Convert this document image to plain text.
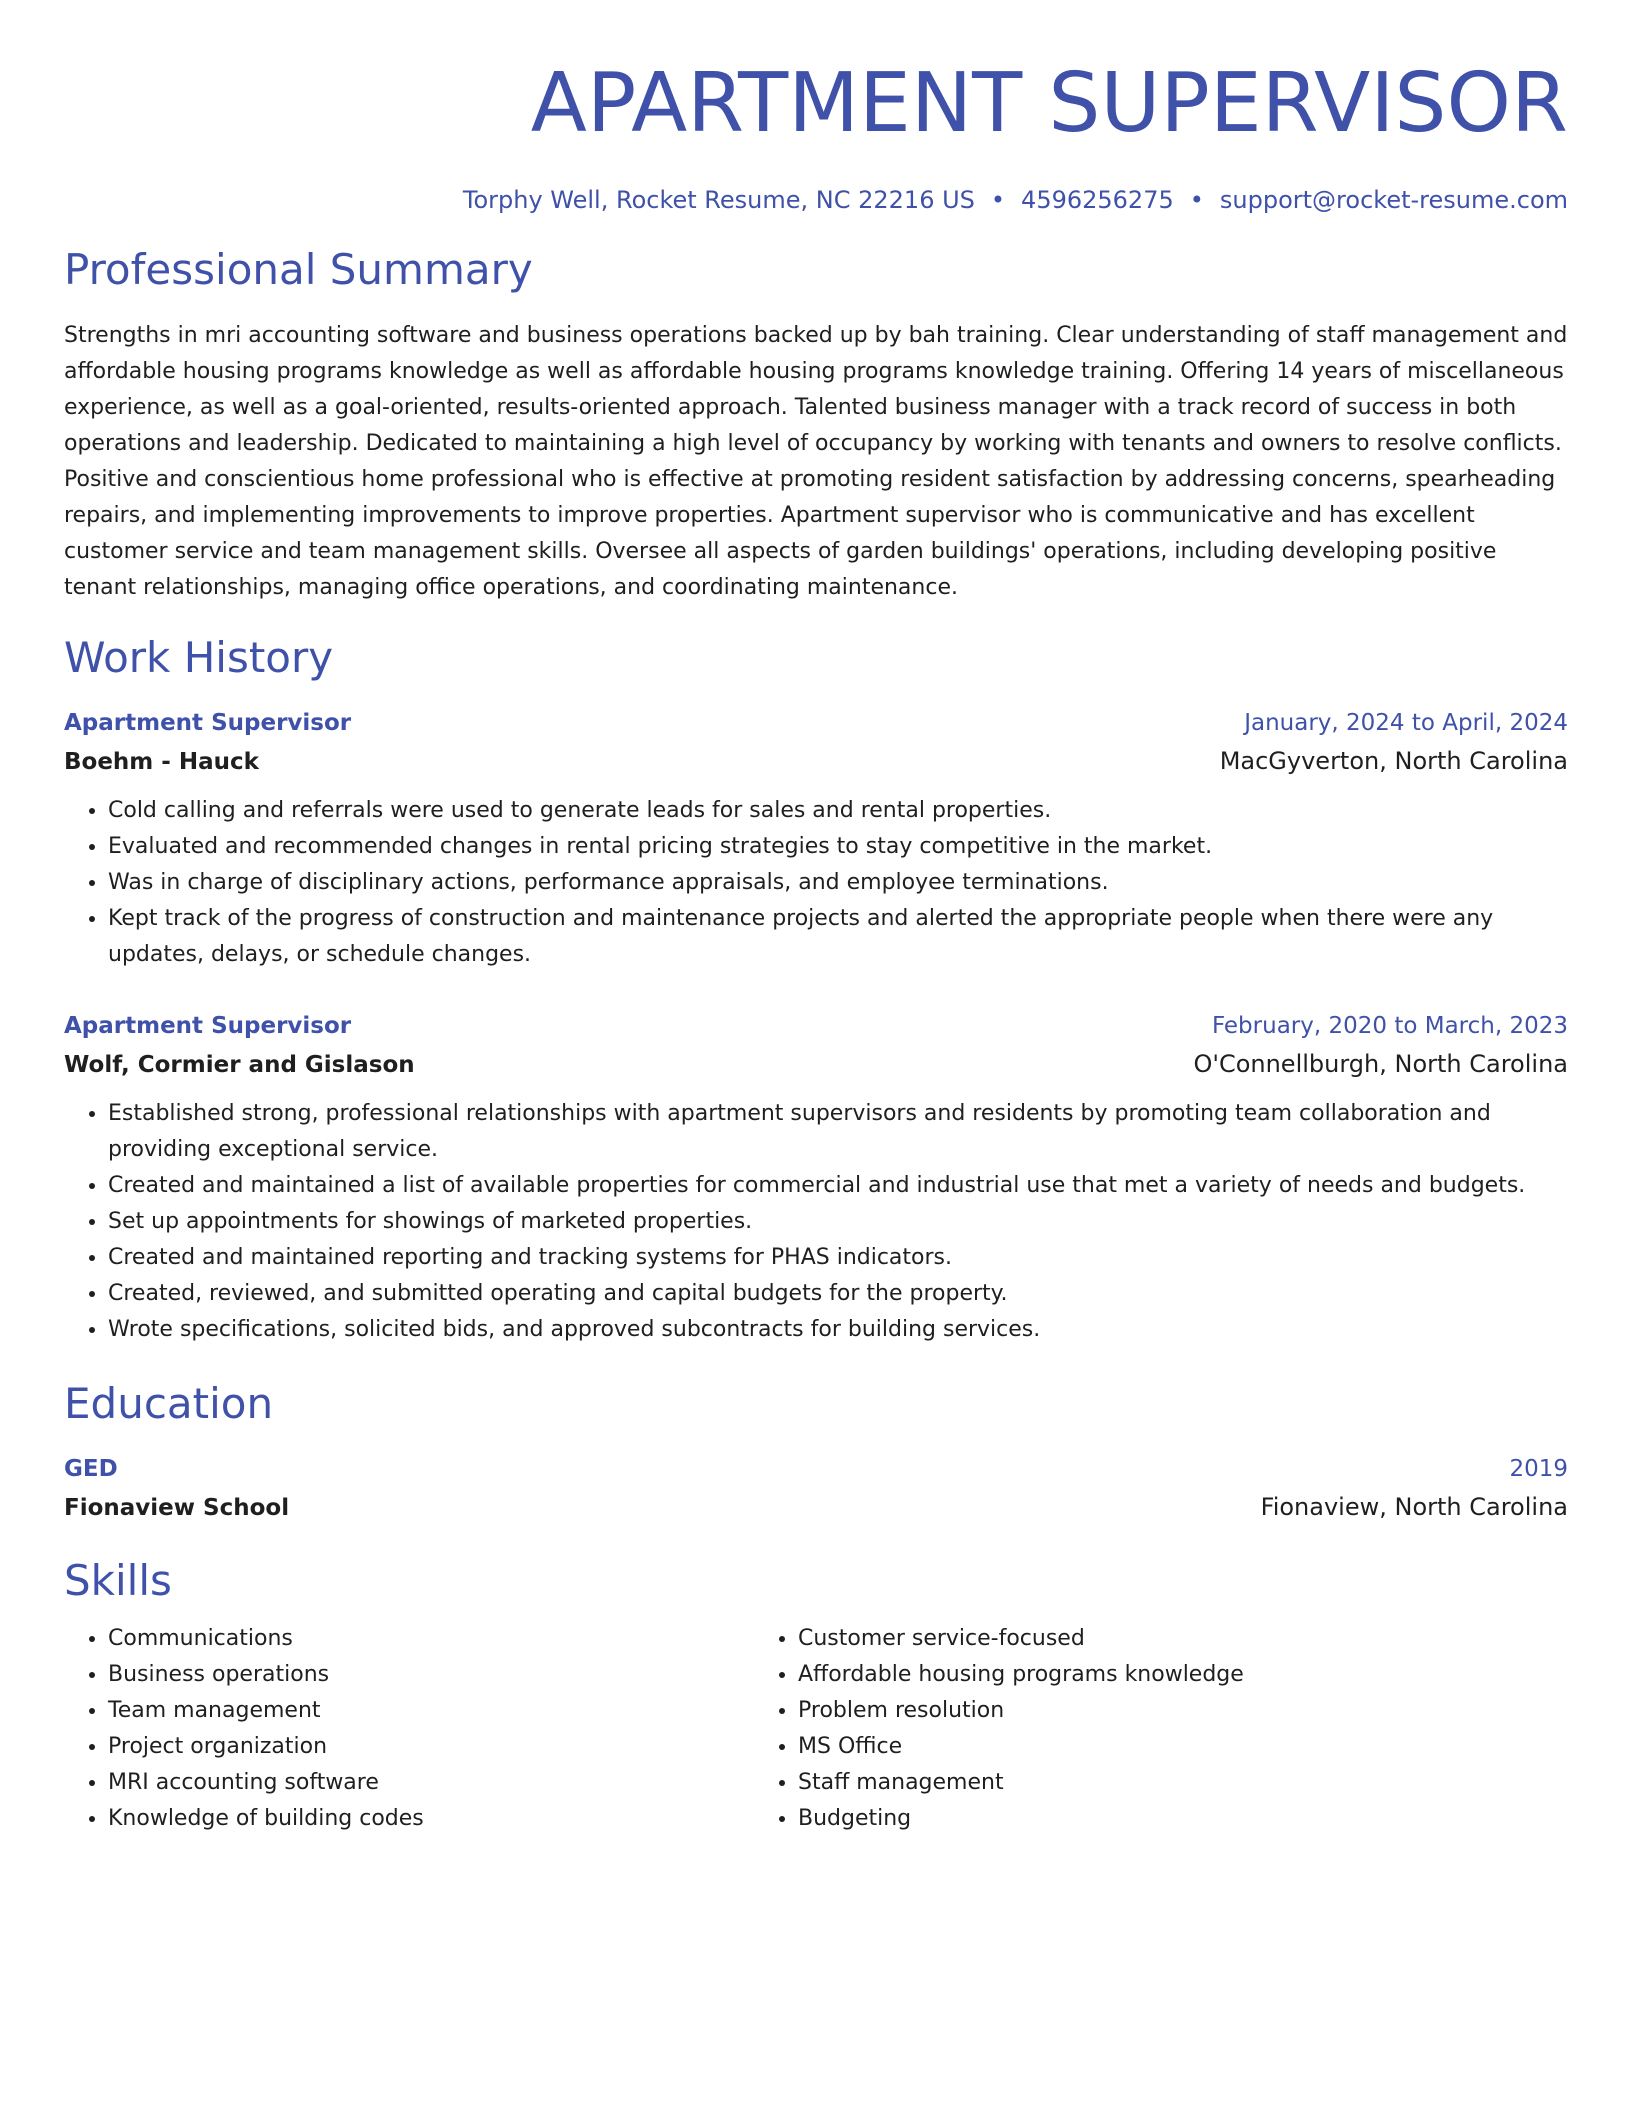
APARTMENT SUPERVISOR
Torphy Well, Rocket Resume, NC 22216 US • 4596256275 • support@rocket-resume.com
Professional Summary
Strengths in mri accounting software and business operations backed up by bah training. Clear understanding of staff management and affordable housing programs knowledge as well as affordable housing programs knowledge training. Offering 14 years of miscellaneous experience, as well as a goal-oriented, results-oriented approach. Talented business manager with a track record of success in both operations and leadership. Dedicated to maintaining a high level of occupancy by working with tenants and owners to resolve conflicts. Positive and conscientious home professional who is effective at promoting resident satisfaction by addressing concerns, spearheading repairs, and implementing improvements to improve properties. Apartment supervisor who is communicative and has excellent customer service and team management skills. Oversee all aspects of garden buildings' operations, including developing positive tenant relationships, managing office operations, and coordinating maintenance.
Work History
Apartment Supervisor	January, 2024 to April, 2024
Boehm - Hauck	MacGyverton, North Carolina
• Cold calling and referrals were used to generate leads for sales and rental properties.
• Evaluated and recommended changes in rental pricing strategies to stay competitive in the market.
• Was in charge of disciplinary actions, performance appraisals, and employee terminations.
• Kept track of the progress of construction and maintenance projects and alerted the appropriate people when there were any updates, delays, or schedule changes.
Apartment Supervisor	February, 2020 to March, 2023
Wolf, Cormier and Gislason	O'Connellburgh, North Carolina
• Established strong, professional relationships with apartment supervisors and residents by promoting team collaboration and providing exceptional service.
• Created and maintained a list of available properties for commercial and industrial use that met a variety of needs and budgets.
• Set up appointments for showings of marketed properties.
• Created and maintained reporting and tracking systems for PHAS indicators.
• Created, reviewed, and submitted operating and capital budgets for the property.
• Wrote specifications, solicited bids, and approved subcontracts for building services.
Education
GED	2019
Fionaview School	Fionaview, North Carolina
Skills
• Communications
• Business operations
• Team management
• Project organization
• MRI accounting software
• Knowledge of building codes
• Customer service-focused
• Affordable housing programs knowledge
• Problem resolution
• MS Office
• Staff management
• Budgeting
